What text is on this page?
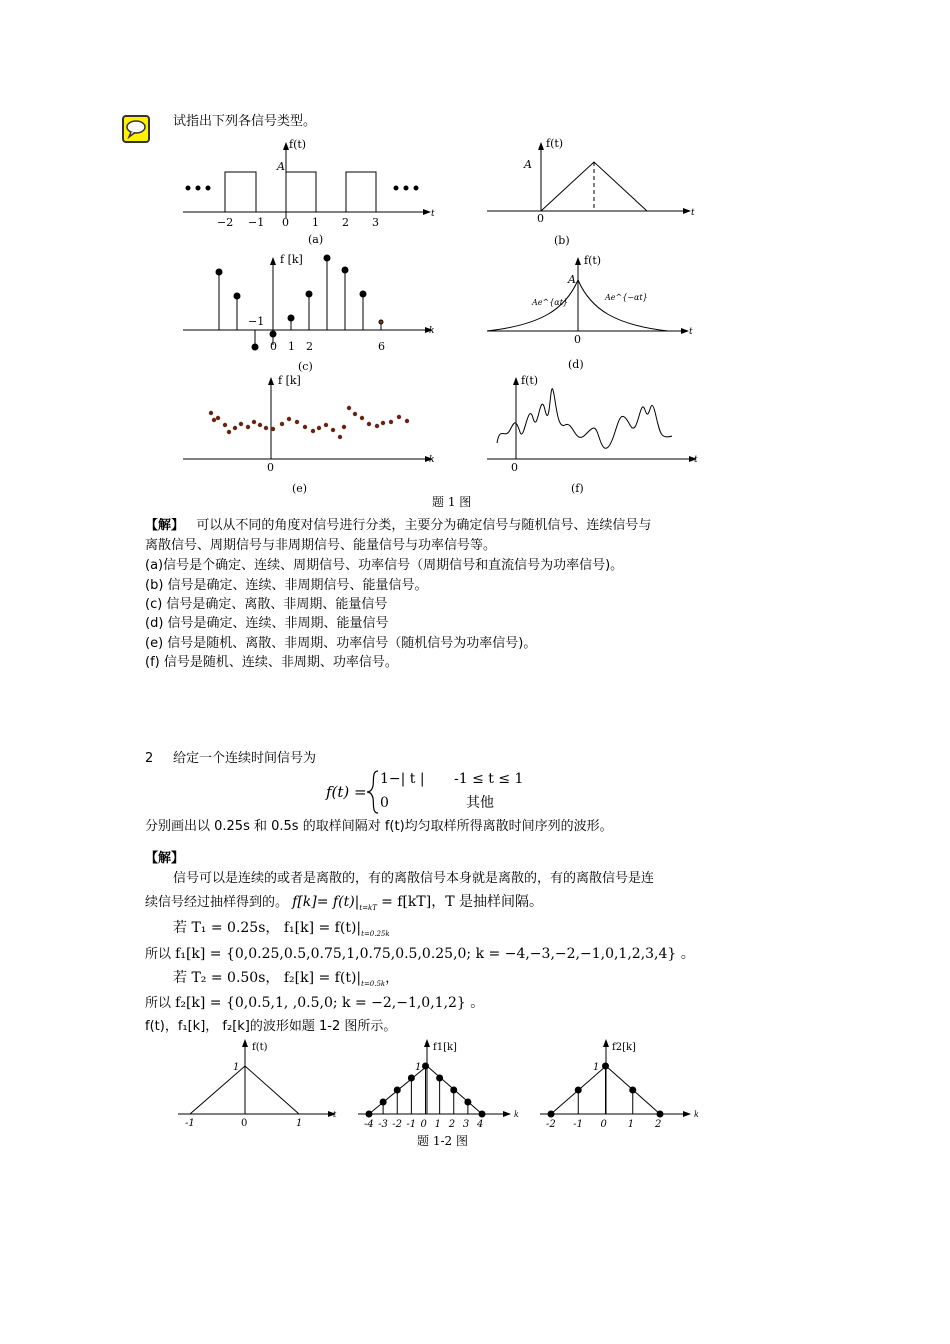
试指出下列各信号类型。
f(t)
A
t
−2 −1 0 1 2 3
(a)
f(t)
A
0	t
(b)
f [k]
k
−1
0 1 2	6
(c)
f(t)
A
Ae^{αt}
Ae^{−αt}
0
t
(d)
f [k]
0
k
(e)
f(t)
0
t
(f)
题 1 图
【解】 可以从不同的角度对信号进行分类，主要分为确定信号与随机信号、连续信号与
离散信号、周期信号与非周期信号、能量信号与功率信号等。
(a)信号是个确定、连续、周期信号、功率信号（周期信号和直流信号为功率信号)。
(b) 信号是确定、连续、非周期信号、能量信号。
(c) 信号是确定、离散、非周期、能量信号
(d) 信号是确定、连续、非周期、能量信号
(e) 信号是随机、离散、非周期、功率信号（随机信号为功率信号)。
(f) 信号是随机、连续、非周期、功率信号。
2 给定一个连续时间信号为
f(t) =
1−| t | -1 ≤ t ≤ 1
0	其他
分别画出以 0.25s 和 0.5s 的取样间隔对 f(t)均匀取样所得离散时间序列的波形。
【解】
信号可以是连续的或者是离散的，有的离散信号本身就是离散的，有的离散信号是连
续信号经过抽样得到的。 $f[k]= f(t)|_{t=kT} = f[kT]$，T 是抽样间隔。
若 T₁ = 0.25s， $f_1[k] = f(t)|_{t=0.25k}$
所以 f₁[k] = {0,0.25,0.5,0.75,1,0.75,0.5,0.25,0; k = −4,−3,−2,−1,0,1,2,3,4} 。
若 T₂ = 0.50s， $f_2[k] = f(t)|_{t=0.5k}$，
所以 f₂[k] = {0,0.5,1, ,0.5,0; k = −2,−1,0,1,2} 。
f(t)，f₁[k]， f₂[k]的波形如题 1-2 图所示。
f(t)
1
t
-1	0	1
f1[k]
1
k
-4 -3 -2 -1 0 1 2 3 4
f2[k]
1
k
-2 -1 0 1 2
题 1-2 图
